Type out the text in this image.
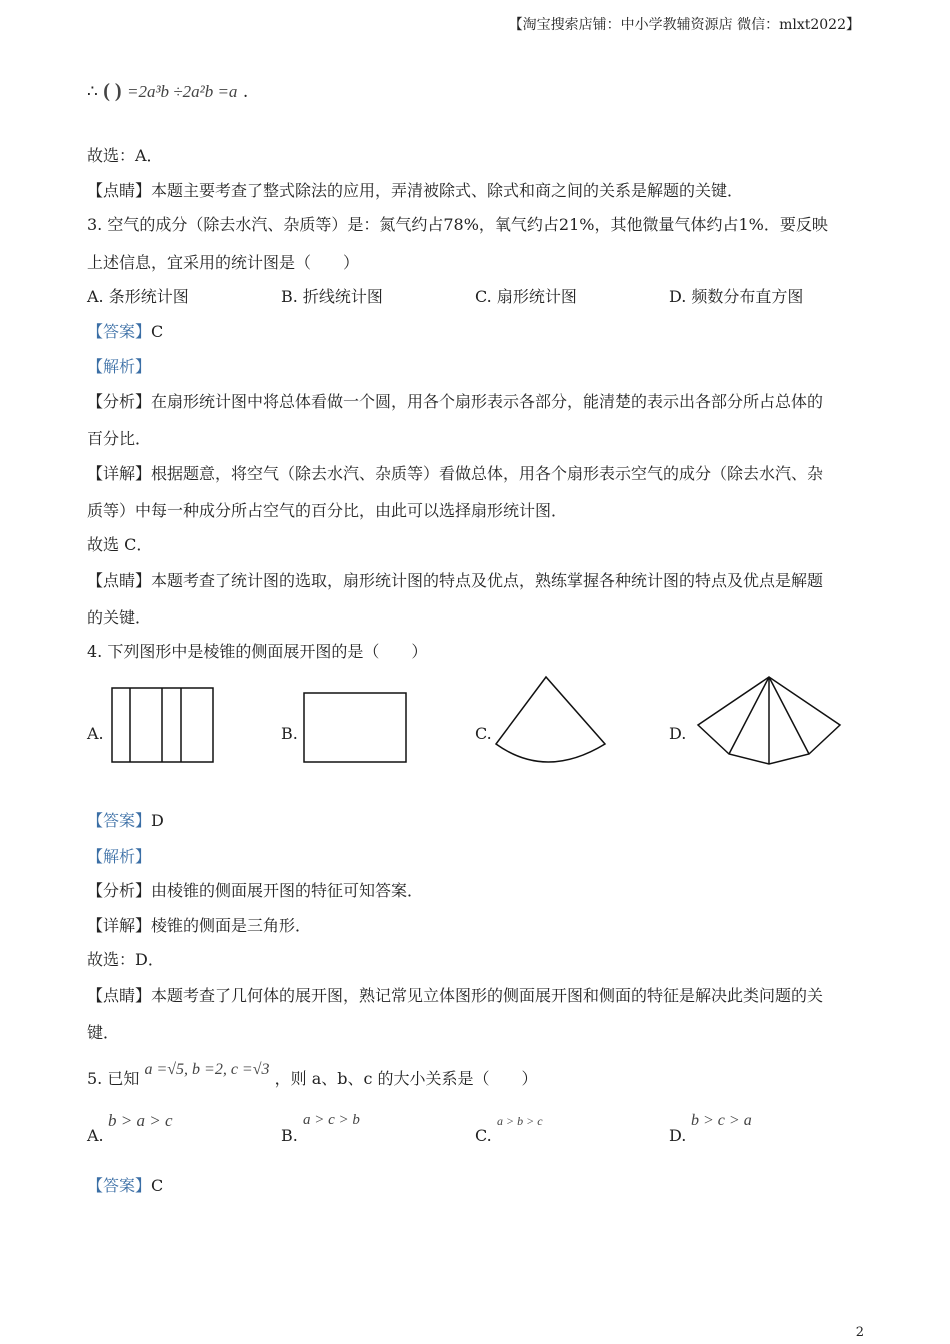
【淘宝搜索店铺：中小学教辅资源店 微信：mlxt2022】
∴ ( ) =2a³b ÷2a²b =a .
故选：A．
【点睛】本题主要考查了整式除法的应用，弄清被除式、除式和商之间的关系是解题的关键．
3. 空气的成分（除去水汽、杂质等）是：氮气约占78%，氧气约占21%，其他微量气体约占1%．要反映
上述信息，宜采用的统计图是（　　）
A. 条形统计图	B. 折线统计图	C. 扇形统计图	D. 频数分布直方图
【答案】C
【解析】
【分析】在扇形统计图中将总体看做一个圆，用各个扇形表示各部分，能清楚的表示出各部分所占总体的
百分比．
【详解】根据题意，将空气（除去水汽、杂质等）看做总体，用各个扇形表示空气的成分（除去水汽、杂
质等）中每一种成分所占空气的百分比，由此可以选择扇形统计图．
故选 C．
【点睛】本题考查了统计图的选取，扇形统计图的特点及优点，熟练掌握各种统计图的特点及优点是解题
的关键．
4. 下列图形中是棱锥的侧面展开图的是（　　）
A.	B.	C.	D.
【答案】D
【解析】
【分析】由棱锥的侧面展开图的特征可知答案．
【详解】棱锥的侧面是三角形．
故选：D．
【点睛】本题考查了几何体的展开图，熟记常见立体图形的侧面展开图和侧面的特征是解决此类问题的关
键．
5. 已知 a =√5, b =2, c =√3 ，则 a、b、c 的大小关系是（　　）
A.
b > a > c
B.
a > c > b
C.
a > b > c
D.
b > c > a
【答案】C
2
